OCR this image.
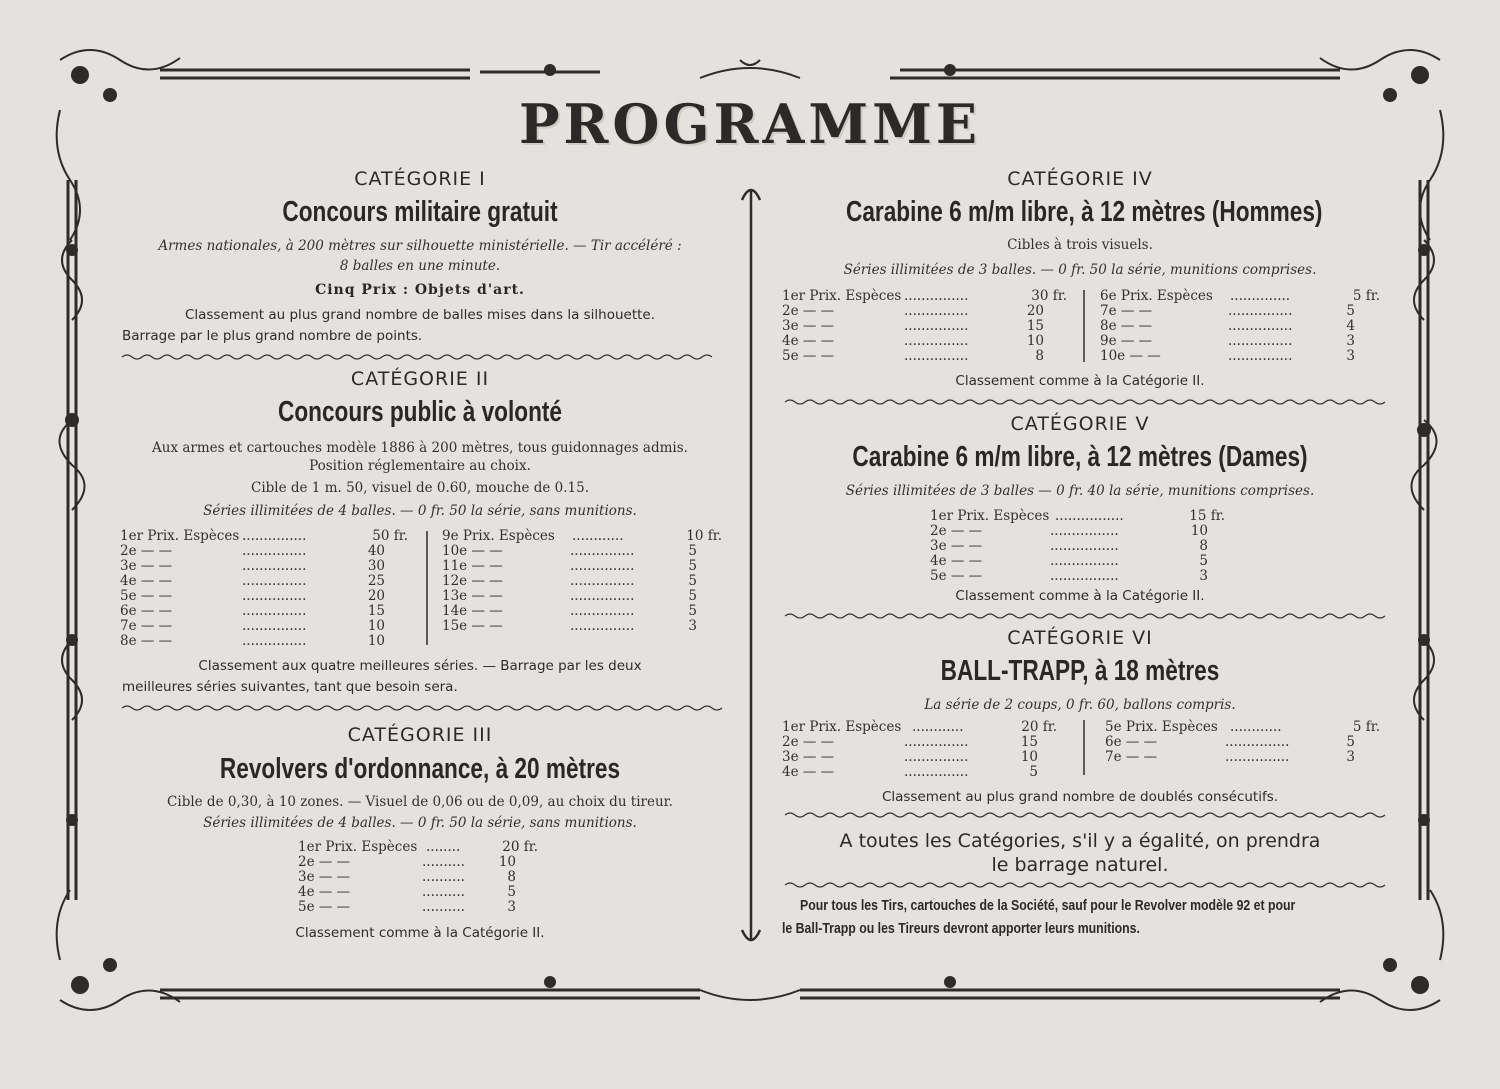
PROGRAMME
CATÉGORIE I
Concours militaire gratuit
Armes nationales, à 200 mètres sur silhouette ministérielle. — Tir accéléré :
8 balles en une minute.
Cinq Prix : Objets d'art.
Classement au plus grand nombre de balles mises dans la silhouette.
Barrage par le plus grand nombre de points.
CATÉGORIE II
Concours public à volonté
Aux armes et cartouches modèle 1886 à 200 mètres, tous guidonnages admis.
Position réglementaire au choix.
Cible de 1 m. 50, visuel de 0.60, mouche de 0.15.
Séries illimitées de 4 balles. — 0 fr. 50 la série, sans munitions.
1er Prix. Espèces ...............	50 fr.
2e — —	...............	40
3e — —	...............	30
4e — —	...............	25
5e — —	...............	20
6e — —	...............	15
7e — —	...............	10
8e — —	...............	10
9e Prix. Espèces ............	10 fr.
10e — —	...............	5
11e — —	...............	5
12e — —	...............	5
13e — —	...............	5
14e — —	...............	5
15e — —	...............	3
Classement aux quatre meilleures séries. — Barrage par les deux
meilleures séries suivantes, tant que besoin sera.
CATÉGORIE III
Revolvers d'ordonnance, à 20 mètres
Cible de 0,30, à 10 zones. — Visuel de 0,06 ou de 0,09, au choix du tireur.
Séries illimitées de 4 balles. — 0 fr. 50 la série, sans munitions.
1er Prix. Espèces ........	20 fr.
2e — —	..........	10
3e — —	..........	8
4e — —	..........	5
5e — —	..........	3
Classement comme à la Catégorie II.
CATÉGORIE IV
Carabine 6 m/m libre, à 12 mètres (Hommes)
Cibles à trois visuels.
Séries illimitées de 3 balles. — 0 fr. 50 la série, munitions comprises.
1er Prix. Espèces ...............	30 fr.
2e — —	...............	20
3e — —	...............	15
4e — —	...............	10
5e — —	...............	8
6e Prix. Espèces ..............	5 fr.
7e — —	...............	5
8e — —	...............	4
9e — —	...............	3
10e — —	...............	3
Classement comme à la Catégorie II.
CATÉGORIE V
Carabine 6 m/m libre, à 12 mètres (Dames)
Séries illimitées de 3 balles — 0 fr. 40 la série, munitions comprises.
1er Prix. Espèces ................	15 fr.
2e — —	................	10
3e — —	................	8
4e — —	................	5
5e — —	................	3
Classement comme à la Catégorie II.
CATÉGORIE VI
BALL-TRAPP, à 18 mètres
La série de 2 coups, 0 fr. 60, ballons compris.
1er Prix. Espèces ............	20 fr.
2e — —	...............	15
3e — —	...............	10
4e — —	...............	5
5e Prix. Espèces ............	5 fr.
6e — —	...............	5
7e — —	...............	3
Classement au plus grand nombre de doublés consécutifs.
A toutes les Catégories, s'il y a égalité, on prendra
le barrage naturel.
Pour tous les Tirs, cartouches de la Société, sauf pour le Revolver modèle 92 et pour
le Ball-Trapp ou les Tireurs devront apporter leurs munitions.
